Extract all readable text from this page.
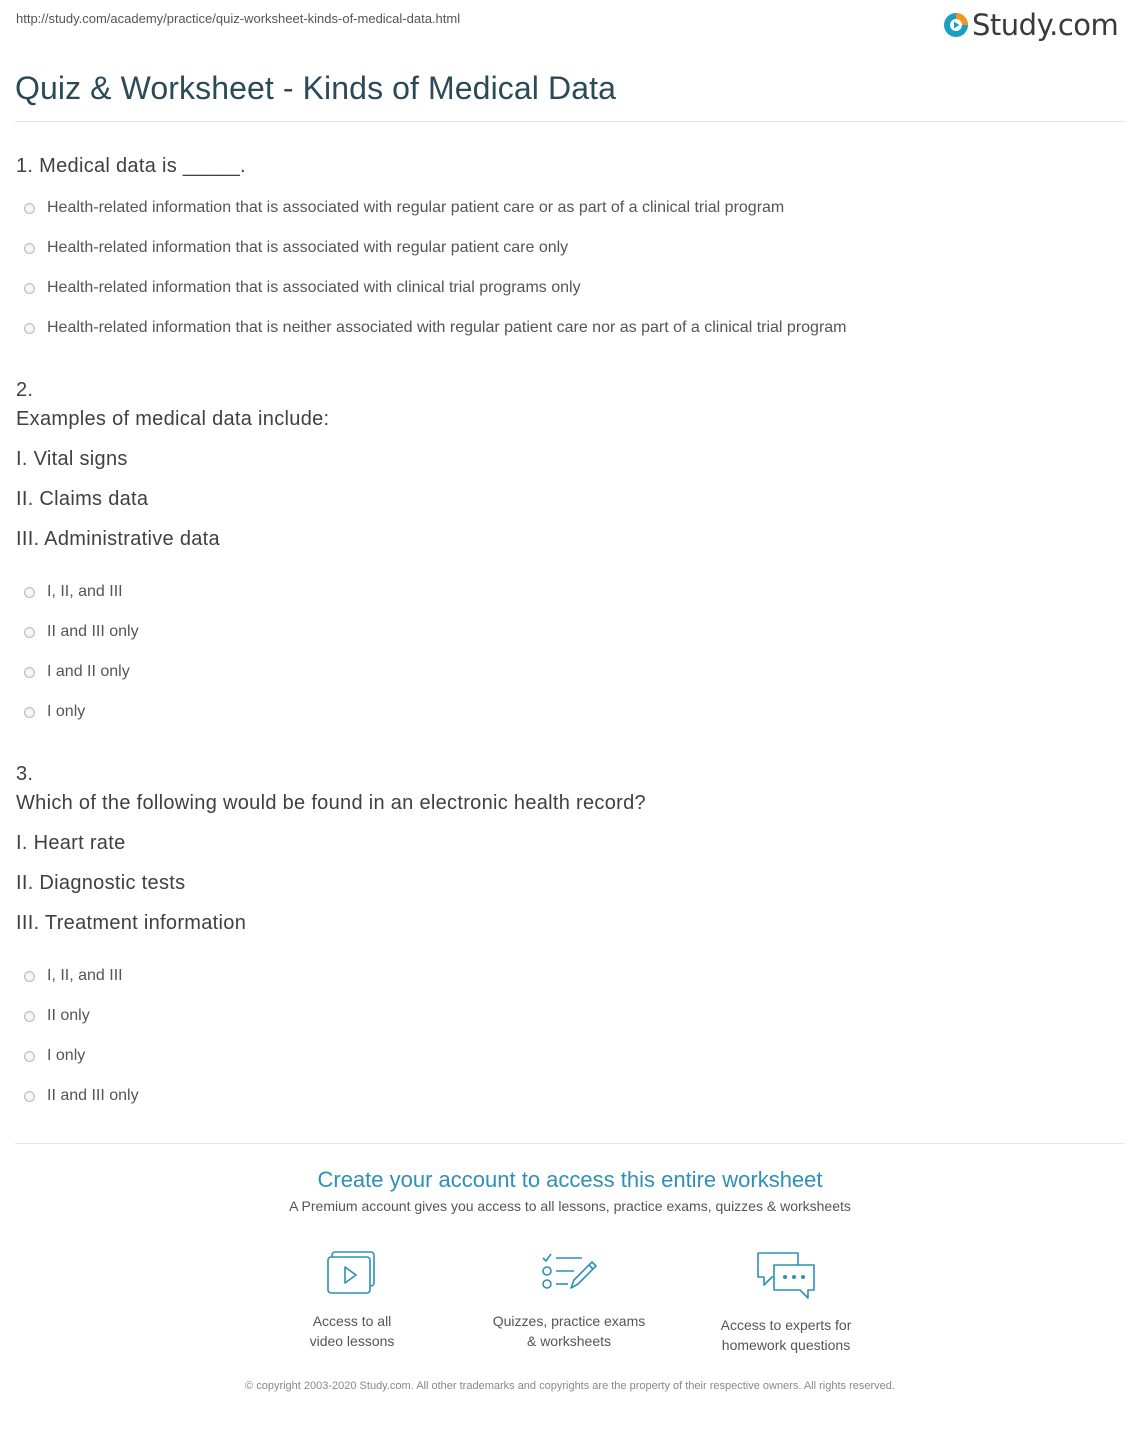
http://study.com/academy/practice/quiz-worksheet-kinds-of-medical-data.html	Study.com
Quiz & Worksheet - Kinds of Medical Data
1. Medical data is _____.
Health-related information that is associated with regular patient care or as part of a clinical trial program
Health-related information that is associated with regular patient care only
Health-related information that is associated with clinical trial programs only
Health-related information that is neither associated with regular patient care nor as part of a clinical trial program
2.
Examples of medical data include:
I. Vital signs
II. Claims data
III. Administrative data
I, II, and III
II and III only
I and II only
I only
3.
Which of the following would be found in an electronic health record?
I. Heart rate
II. Diagnostic tests
III. Treatment information
I, II, and III
II only
I only
II and III only
Create your account to access this entire worksheet
A Premium account gives you access to all lessons, practice exams, quizzes & worksheets
Access to all
video lessons
Quizzes, practice exams
& worksheets
Access to experts for
homework questions
© copyright 2003-2020 Study.com. All other trademarks and copyrights are the property of their respective owners. All rights reserved.
